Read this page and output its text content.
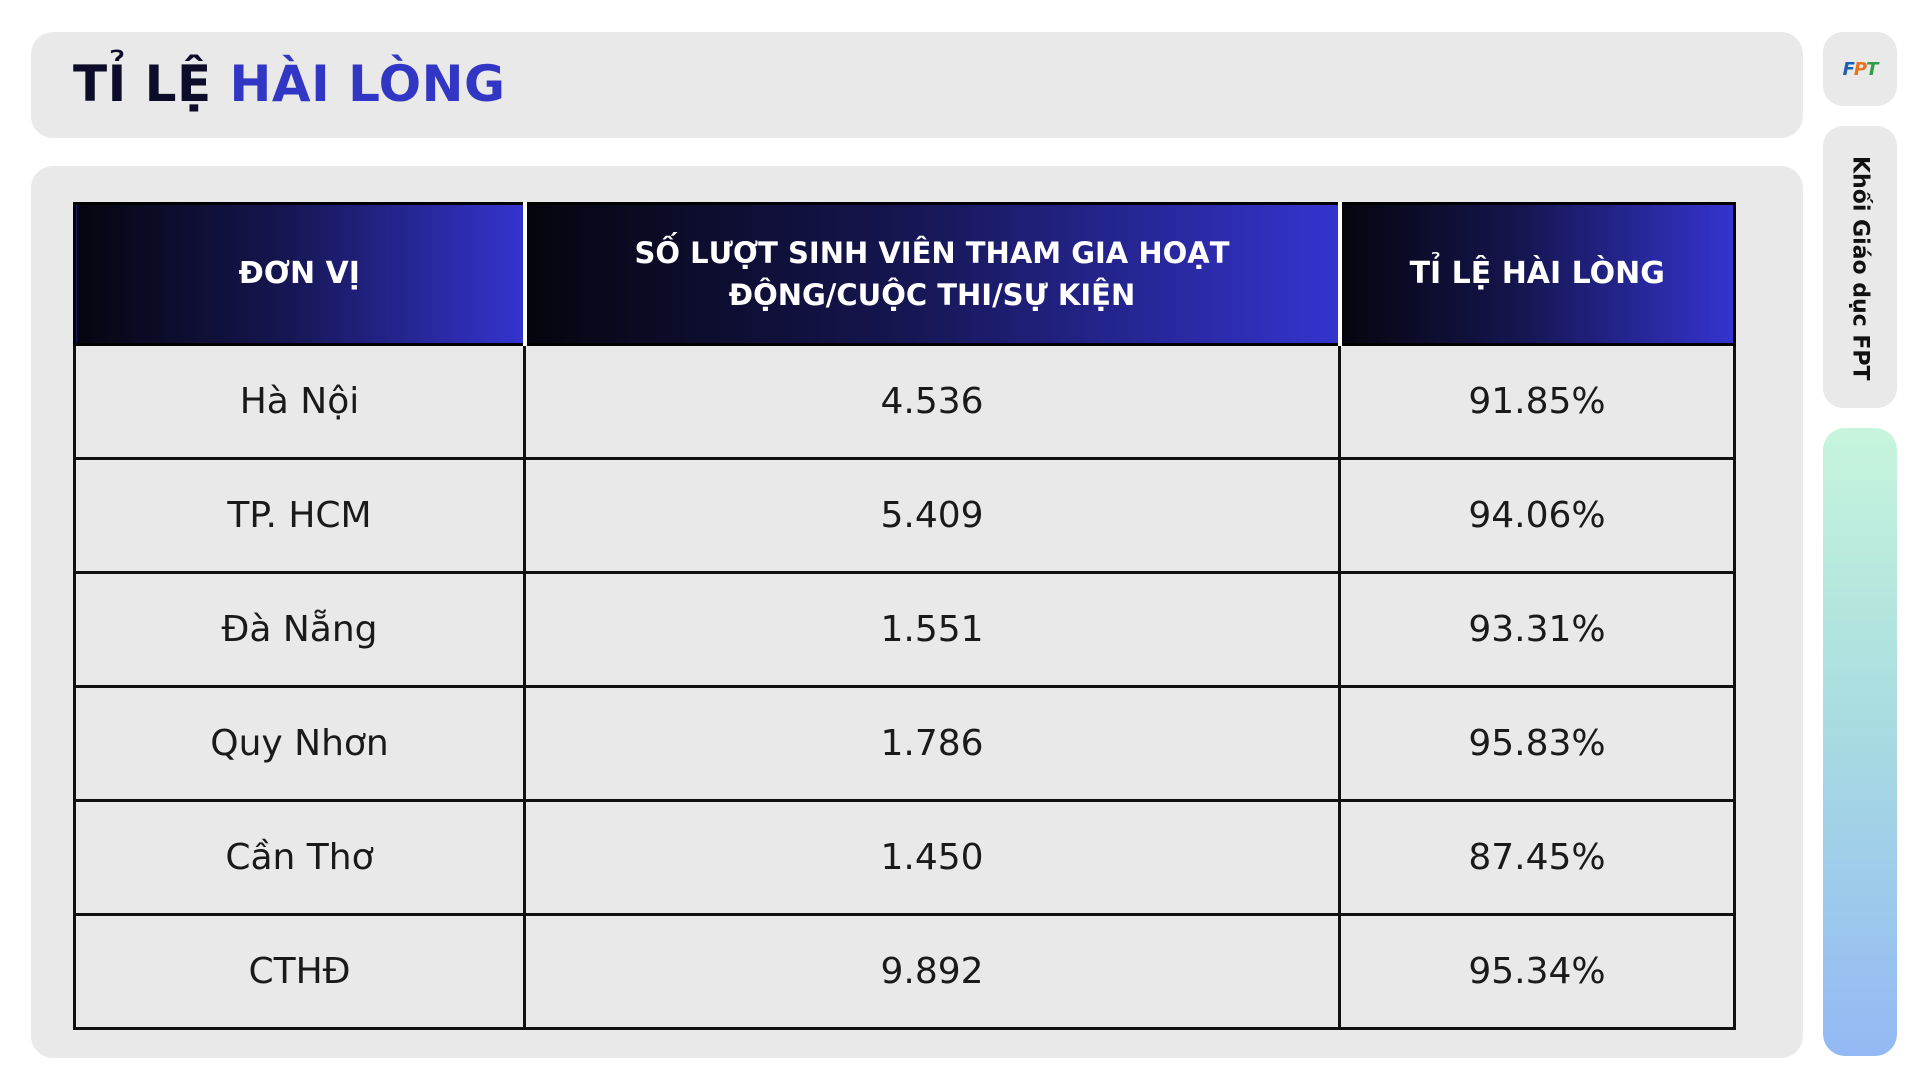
TỈ LỆ HÀI LÒNG
ĐƠN VỊ	SỐ LƯỢT SINH VIÊN THAM GIA HOẠT ĐỘNG/CUỘC THI/SỰ KIỆN	TỈ LỆ HÀI LÒNG
Hà Nội	4.536	91.85%
TP. HCM	5.409	94.06%
Đà Nẵng	1.551	93.31%
Quy Nhơn	1.786	95.83%
Cần Thơ	1.450	87.45%
CTHĐ	9.892	95.34%
FPT
Khối Giáo dục FPT
